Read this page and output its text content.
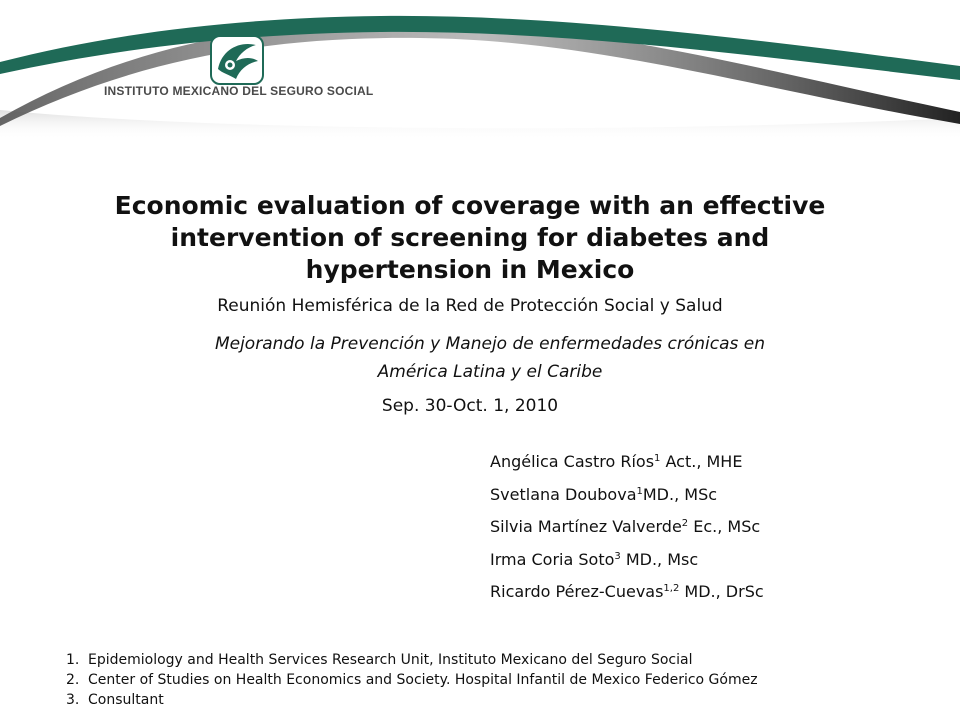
INSTITUTO MEXICANO DEL SEGURO SOCIAL
Economic evaluation of coverage with an effective
intervention of screening for diabetes and
hypertension in Mexico
Reunión Hemisférica de la Red de Protección Social y Salud
Mejorando la Prevención y Manejo de enfermedades crónicas en
América Latina y el Caribe
Sep. 30-Oct. 1, 2010
Angélica Castro Ríos$^1$ Act., MHE
Svetlana Doubova$^1$MD., MSc
Silvia Martínez Valverde$^2$ Ec., MSc
Irma Coria Soto$^3$ MD., Msc
Ricardo Pérez-Cuevas$^{1,2}$ MD., DrSc
1. Epidemiology and Health Services Research Unit, Instituto Mexicano del Seguro Social
2. Center of Studies on Health Economics and Society. Hospital Infantil de Mexico Federico Gómez
3. Consultant
